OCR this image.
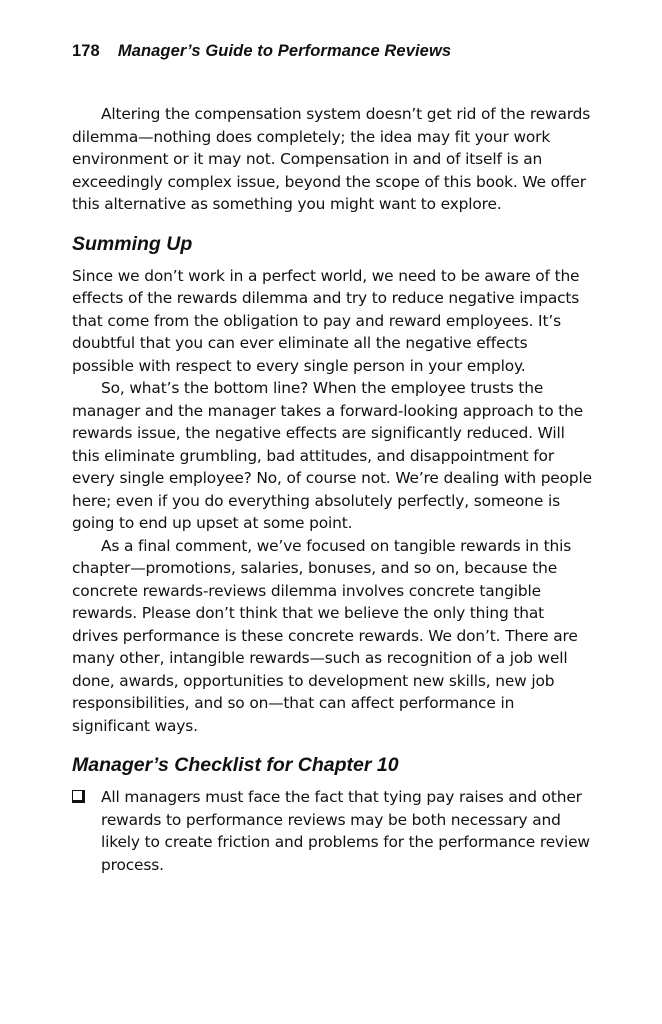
178 Manager’s Guide to Performance Reviews

Altering the compensation system doesn’t get rid of the rewards dilemma—nothing does completely; the idea may fit your work environment or it may not. Compensation in and of itself is an exceedingly complex issue, beyond the scope of this book. We offer this alternative as something you might want to explore.

Summing Up

Since we don’t work in a perfect world, we need to be aware of the effects of the rewards dilemma and try to reduce negative impacts that come from the obligation to pay and reward employees. It’s doubtful that you can ever eliminate all the negative effects possible with respect to every single person in your employ.

So, what’s the bottom line? When the employee trusts the manager and the manager takes a forward-looking approach to the rewards issue, the negative effects are significantly reduced. Will this eliminate grumbling, bad attitudes, and disappointment for every single employee? No, of course not. We’re dealing with people here; even if you do everything absolutely perfectly, someone is going to end up upset at some point.

As a final comment, we’ve focused on tangible rewards in this chapter—promotions, salaries, bonuses, and so on, because the concrete rewards-reviews dilemma involves concrete tangible rewards. Please don’t think that we believe the only thing that drives performance is these concrete rewards. We don’t. There are many other, intangible rewards—such as recognition of a job well done, awards, opportunities to development new skills, new job responsibilities, and so on—that can affect performance in significant ways.

Manager’s Checklist for Chapter 10
All managers must face the fact that tying pay raises and other rewards to performance reviews may be both necessary and likely to create friction and problems for the performance review process.
